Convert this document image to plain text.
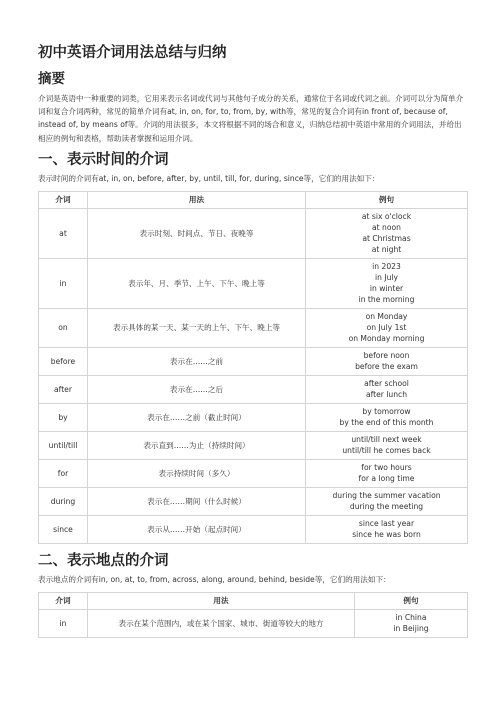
初中英语介词用法总结与归纳
摘要

介词是英语中一种重要的词类，它用来表示名词或代词与其他句子成分的关系，通常位于名词或代词之前。介词可以分为简单介词和复合介词两种，常见的简单介词有at, in, on, for, to, from, by, with等，常见的复合介词有in front of, because of, instead of, by means of等。介词的用法很多，本文将根据不同的场合和意义，归纳总结初中英语中常用的介词用法，并给出相应的例句和表格，帮助读者掌握和运用介词。

一、表示时间的介词

表示时间的介词有at, in, on, before, after, by, until, till, for, during, since等，它们的用法如下：

介词	用法	例句
at	表示时刻、时间点、节日、夜晚等	at six o'clock
at noon
at Christmas
at night

in	表示年、月、季节、上午、下午、晚上等	in 2023
in July
in winter
in the morning

on	表示具体的某一天、某一天的上午、下午、晚上等	on Monday
on July 1st
on Monday morning

before	表示在……之前	before noon
before the exam

after	表示在……之后	after school
after lunch

by	表示在……之前（截止时间）	by tomorrow
by the end of this month

until/till	表示直到……为止（持续时间）	until/till next week
until/till he comes back

for	表示持续时间（多久）	for two hours
for a long time

during	表示在……期间（什么时候）	during the summer vacation
during the meeting

since	表示从……开始（起点时间）	since last year
since he was born
二、表示地点的介词

表示地点的介词有in, on, at, to, from, across, along, around, behind, beside等，它们的用法如下：

介词	用法	例句
in	表示在某个范围内，或在某个国家、城市、街道等较大的地方	in China
in Beijing
